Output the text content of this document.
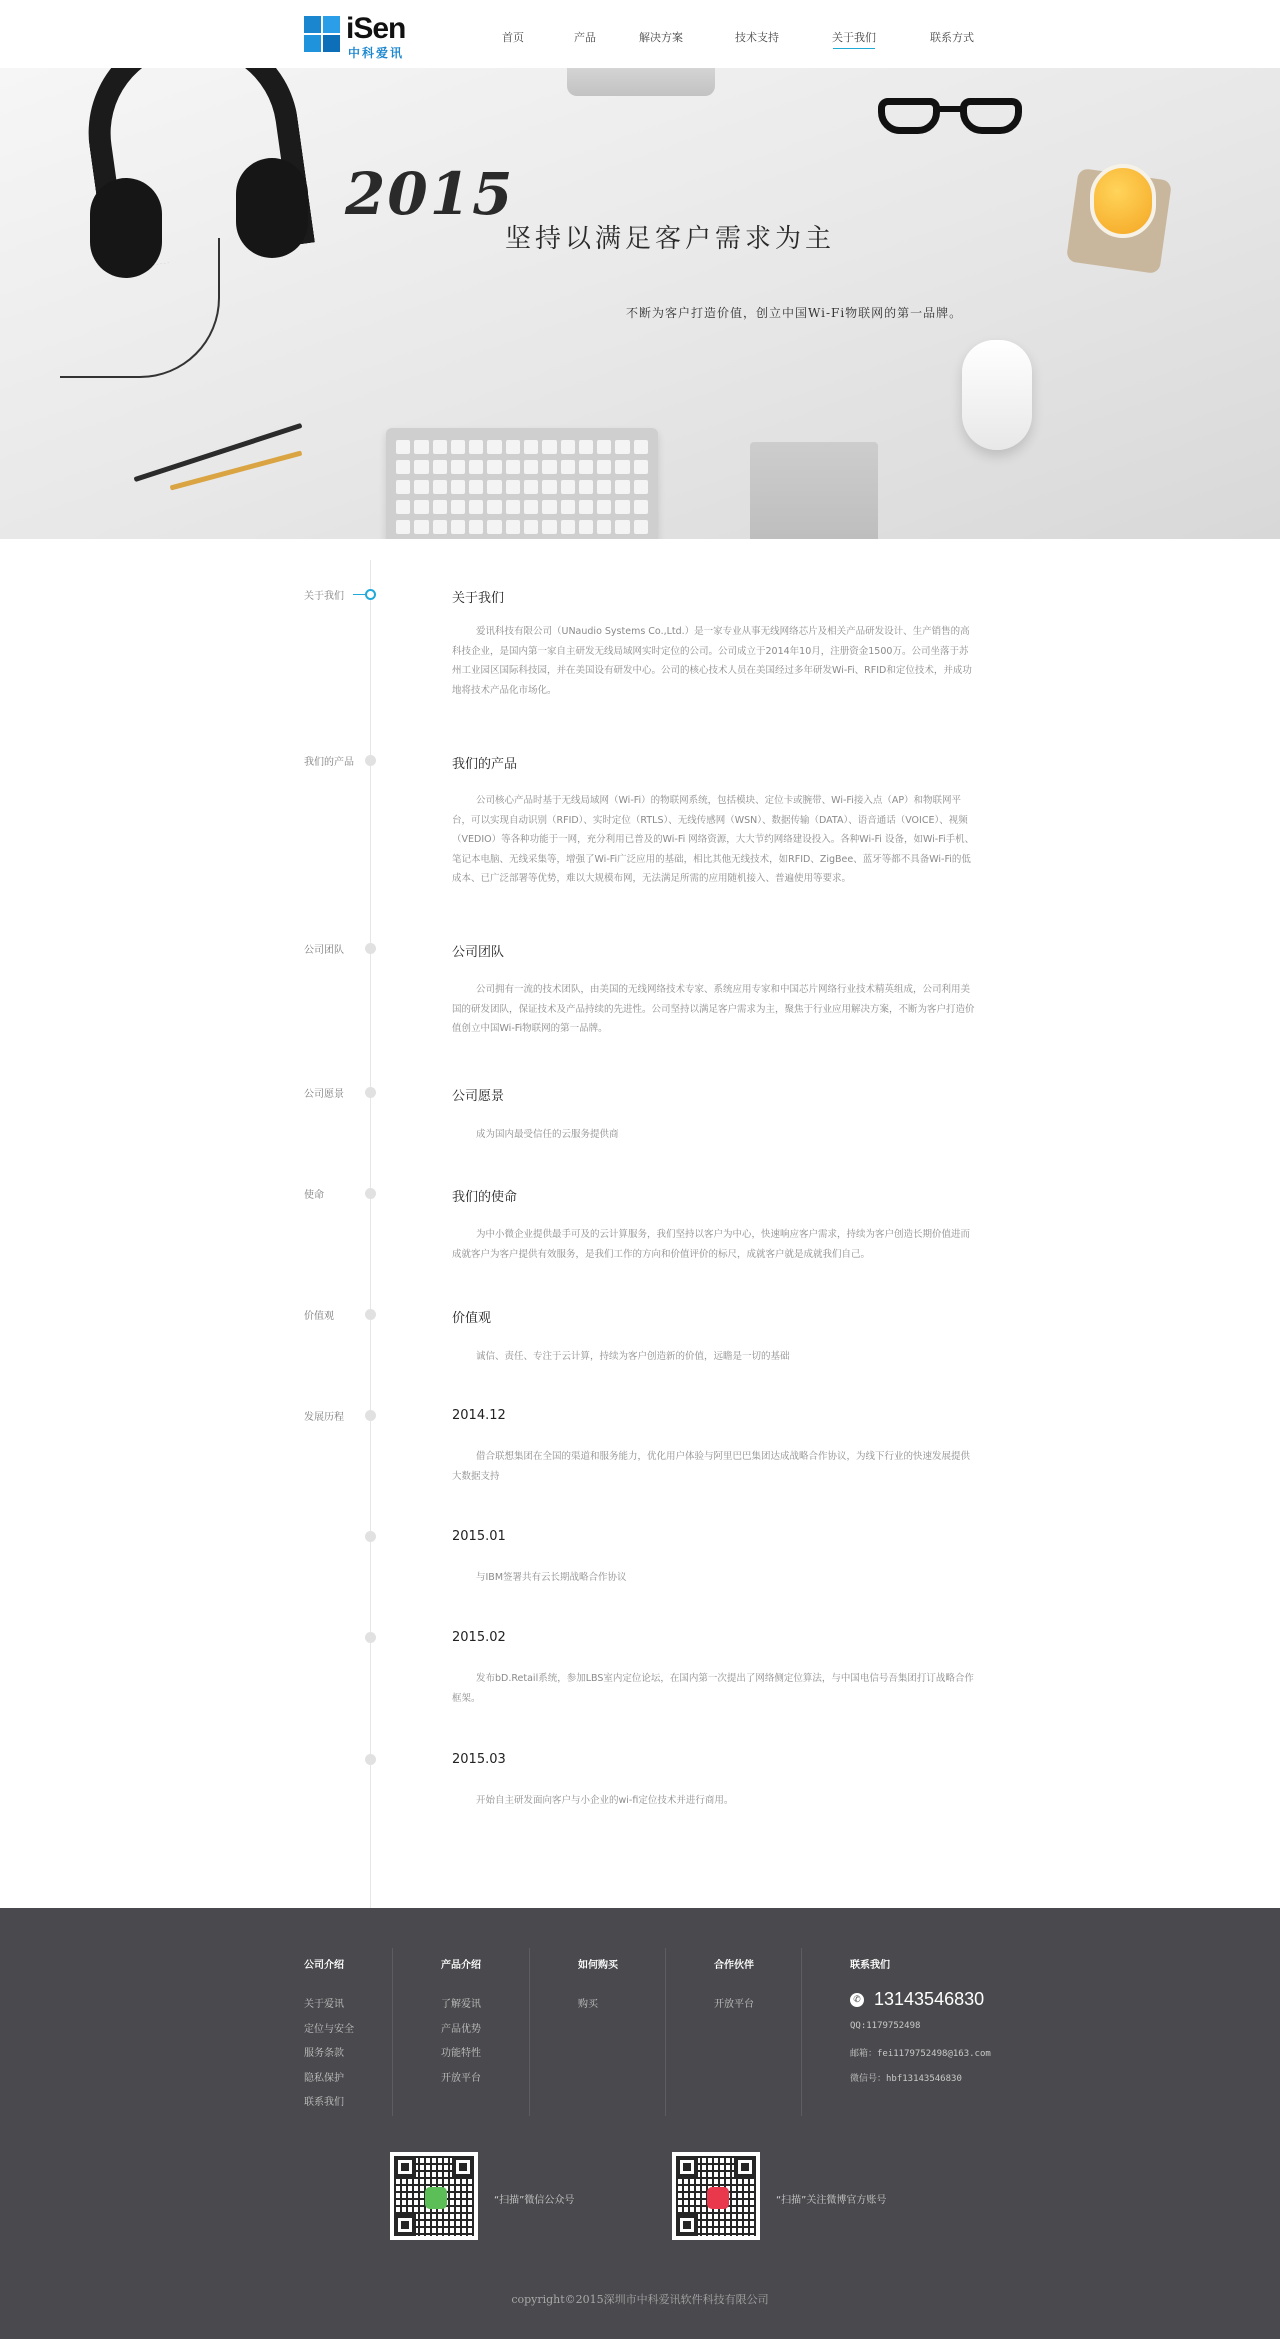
iSen
中科爱讯
首页	产品	解决方案	技术支持	关于我们	联系方式
2015
坚持以满足客户需求为主
不断为客户打造价值，创立中国Wi-Fi物联网的第一品牌。
关于我们	关于我们
爱讯科技有限公司（UNaudio Systems Co.,Ltd.）是一家专业从事无线网络芯片及相关产品研发设计、生产销售的高科技企业，是国内第一家自主研发无线局域网实时定位的公司。公司成立于2014年10月，注册资金1500万。公司坐落于苏州工业园区国际科技园，并在美国设有研发中心。公司的核心技术人员在美国经过多年研发Wi-Fi、RFID和定位技术，并成功地将技术产品化市场化。
我们的产品	我们的产品
公司核心产品时基于无线局域网（Wi-Fi）的物联网系统，包括模块、定位卡或腕带、Wi-Fi接入点（AP）和物联网平台，可以实现自动识别（RFID）、实时定位（RTLS）、无线传感网（WSN）、数据传输（DATA）、语音通话（VOICE）、视频（VEDIO）等各种功能于一网，充分利用已普及的Wi-Fi 网络资源，大大节约网络建设投入。各种Wi-Fi 设备，如Wi-Fi手机、笔记本电脑、无线采集等，增强了Wi-Fi广泛应用的基础，相比其他无线技术，如RFID、ZigBee、蓝牙等都不具备Wi-Fi的低成本、已广泛部署等优势，难以大规模布网，无法满足所需的应用随机接入、普遍使用等要求。
公司团队	公司团队
公司拥有一流的技术团队，由美国的无线网络技术专家、系统应用专家和中国芯片网络行业技术精英组成，公司利用美国的研发团队，保证技术及产品持续的先进性。公司坚持以满足客户需求为主，聚焦于行业应用解决方案，不断为客户打造价值创立中国Wi-Fi物联网的第一品牌。
公司愿景	公司愿景
成为国内最受信任的云服务提供商
使命	我们的使命
为中小微企业提供最手可及的云计算服务，我们坚持以客户为中心，快速响应客户需求，持续为客户创造长期价值进而成就客户为客户提供有效服务，是我们工作的方向和价值评价的标尺，成就客户就是成就我们自己。
价值观	价值观
诚信、责任、专注于云计算，持续为客户创造新的价值，远瞻是一切的基础
发展历程	2014.12
借合联想集团在全国的渠道和服务能力，优化用户体验与阿里巴巴集团达成战略合作协议，为线下行业的快速发展提供大数据支持
2015.01
与IBM签署共有云长期战略合作协议
2015.02
发布bD.Retail系统，参加LBS室内定位论坛，在国内第一次提出了网络侧定位算法，与中国电信号吾集团打订战略合作框架。
2015.03
开始自主研发面向客户与小企业的wi-fi定位技术并进行商用。
公司介绍
关于爱讯
定位与安全
服务条款
隐私保护
联系我们
产品介绍
了解爱讯
产品优势
功能特性
开放平台
如何购买
购买
合作伙伴
开放平台
联系我们
✆ 13143546830
QQ:1179752498
邮箱：fei1179752498@163.com
微信号：hbf13143546830
“扫描”微信公众号	“扫描”关注微博官方账号
copyright©2015深圳市中科爱讯软件科技有限公司
